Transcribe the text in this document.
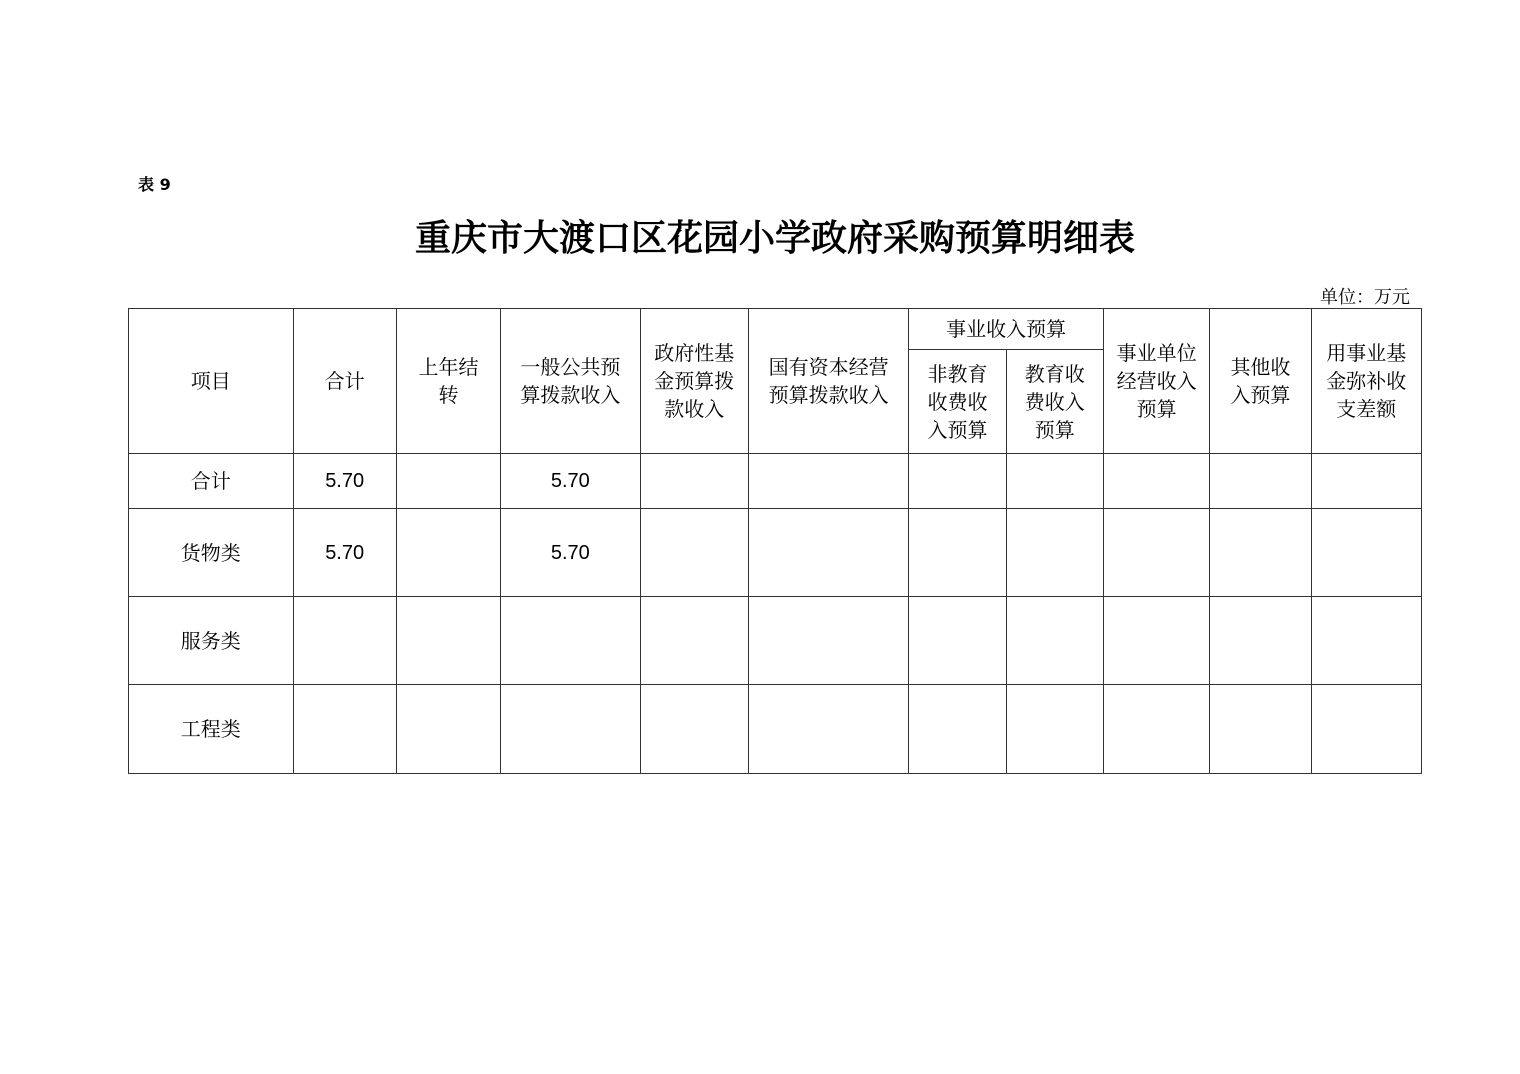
表 9
重庆市大渡口区花园小学政府采购预算明细表
单位：万元
项目	合计	上年结转	一般公共预算拨款收入	政府性基金预算拨款收入	国有资本经营预算拨款收入	事业收入预算		事业单位经营收入预算	其他收入预算	用事业基金弥补收支差额
						非教育收费收入预算	教育收费收入预算			
合计	5.70		5.70							
货物类	5.70		5.70							
服务类										
工程类										
